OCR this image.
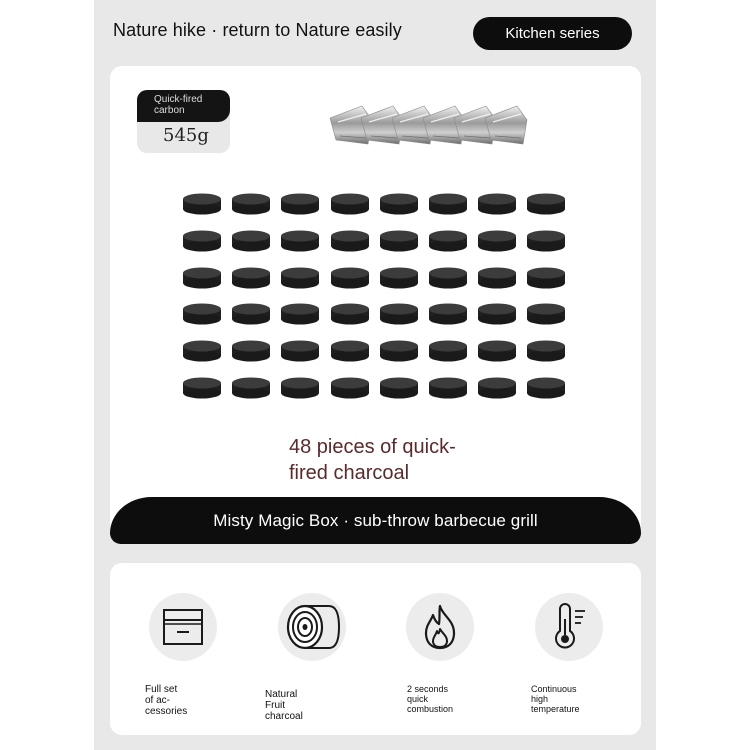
Nature hike · return to Nature easily	Kitchen series
Quick-fired carbon
545g
48 pieces of quick-
fired charcoal
Misty Magic Box · sub-throw barbecue grill
Full set of ac-
cessories
Natural Fruit charcoal
2 seconds quick
combustion
Continuous high
temperature
